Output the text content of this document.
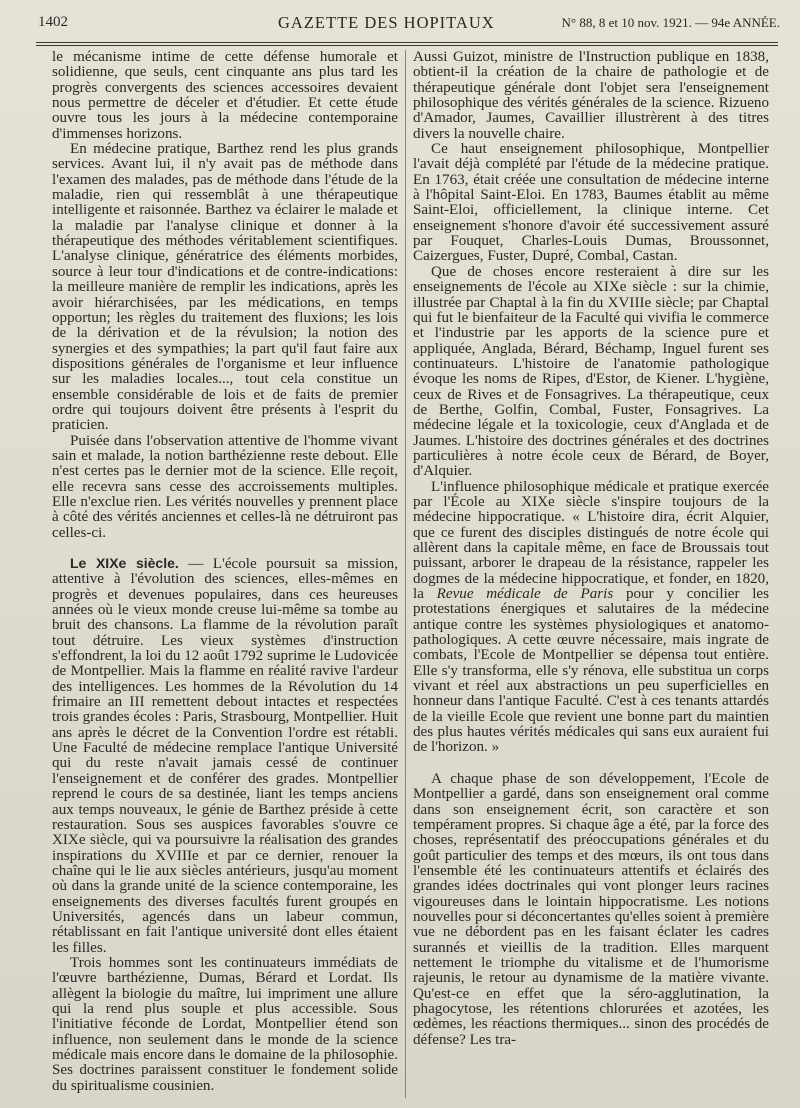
1402	GAZETTE DES HOPITAUX	N° 88, 8 et 10 nov. 1921. — 94e ANNÉE.

le mécanisme intime de cette défense humorale et solidienne, que seuls, cent cinquante ans plus tard les progrès convergents des sciences accessoires devaient nous permettre de déceler et d'étudier. Et cette étude ouvre tous les jours à la médecine contemporaine d'immenses horizons.

En médecine pratique, Barthez rend les plus grands services. Avant lui, il n'y avait pas de méthode dans l'examen des malades, pas de méthode dans l'étude de la maladie, rien qui ressemblât à une thérapeutique intelligente et raisonnée. Barthez va éclairer le malade et la maladie par l'analyse clinique et donner à la thérapeutique des méthodes véritablement scientifiques. L'analyse clinique, génératrice des éléments morbides, source à leur tour d'indications et de contre-indications: la meilleure manière de remplir les indications, après les avoir hiérarchisées, par les médications, en temps opportun; les règles du traitement des fluxions; les lois de la dérivation et de la révulsion; la notion des synergies et des sympathies; la part qu'il faut faire aux dispositions générales de l'organisme et leur influence sur les maladies locales..., tout cela constitue un ensemble considérable de lois et de faits de premier ordre qui toujours doivent être présents à l'esprit du praticien.

Puisée dans l'observation attentive de l'homme vivant sain et malade, la notion barthézienne reste debout. Elle n'est certes pas le dernier mot de la science. Elle reçoit, elle recevra sans cesse des accroissements multiples. Elle n'exclue rien. Les vérités nouvelles y prennent place à côté des vérités anciennes et celles-là ne détruiront pas celles-ci.

Le XIXe siècle. — L'école poursuit sa mission, attentive à l'évolution des sciences, elles-mêmes en progrès et devenues populaires, dans ces heureuses années où le vieux monde creuse lui-même sa tombe au bruit des chansons. La flamme de la révolution paraît tout détruire. Les vieux systèmes d'instruction s'effondrent, la loi du 12 août 1792 suprime le Ludovicée de Montpellier. Mais la flamme en réalité ravive l'ardeur des intelligences. Les hommes de la Révolution du 14 frimaire an III remettent debout intactes et respectées trois grandes écoles : Paris, Strasbourg, Montpellier. Huit ans après le décret de la Convention l'ordre est rétabli. Une Faculté de médecine remplace l'antique Université qui du reste n'avait jamais cessé de continuer l'enseignement et de conférer des grades. Montpellier reprend le cours de sa destinée, liant les temps anciens aux temps nouveaux, le génie de Barthez préside à cette restauration. Sous ses auspices favorables s'ouvre ce XIXe siècle, qui va poursuivre la réalisation des grandes inspirations du XVIIIe et par ce dernier, renouer la chaîne qui le lie aux siècles antérieurs, jusqu'au moment où dans la grande unité de la science contemporaine, les enseignements des diverses facultés furent groupés en Universités, agencés dans un labeur commun, rétablissant en fait l'antique université dont elles étaient les filles.

Trois hommes sont les continuateurs immédiats de l'œuvre barthézienne, Dumas, Bérard et Lordat. Ils allègent la biologie du maître, lui impriment une allure qui la rend plus souple et plus accessible. Sous l'initiative féconde de Lordat, Montpellier étend son influence, non seulement dans le monde de la science médicale mais encore dans le domaine de la philosophie. Ses doctrines paraissent constituer le fondement solide du spiritualisme cousinien.

Aussi Guizot, ministre de l'Instruction publique en 1838, obtient-il la création de la chaire de pathologie et de thérapeutique générale dont l'objet sera l'enseignement philosophique des vérités générales de la science. Rizueno d'Amador, Jaumes, Cavaillier illustrèrent à des titres divers la nouvelle chaire.

Ce haut enseignement philosophique, Montpellier l'avait déjà complété par l'étude de la médecine pratique. En 1763, était créée une consultation de médecine interne à l'hôpital Saint-Eloi. En 1783, Baumes établit au même Saint-Eloi, officiellement, la clinique interne. Cet enseignement s'honore d'avoir été successivement assuré par Fouquet, Charles-Louis Dumas, Broussonnet, Caizergues, Fuster, Dupré, Combal, Castan.

Que de choses encore resteraient à dire sur les enseignements de l'école au XIXe siècle : sur la chimie, illustrée par Chaptal à la fin du XVIIIe siècle; par Chaptal qui fut le bienfaiteur de la Faculté qui vivifia le commerce et l'industrie par les apports de la science pure et appliquée, Anglada, Bérard, Béchamp, Inguel furent ses continuateurs. L'histoire de l'anatomie pathologique évoque les noms de Ripes, d'Estor, de Kiener. L'hygiène, ceux de Rives et de Fonsagrives. La thérapeutique, ceux de Berthe, Golfin, Combal, Fuster, Fonsagrives. La médecine légale et la toxicologie, ceux d'Anglada et de Jaumes. L'histoire des doctrines générales et des doctrines particulières à notre école ceux de Bérard, de Boyer, d'Alquier.

L'influence philosophique médicale et pratique exercée par l'École au XIXe siècle s'inspire toujours de la médecine hippocratique. « L'histoire dira, écrit Alquier, que ce furent des disciples distingués de notre école qui allèrent dans la capitale même, en face de Broussais tout puissant, arborer le drapeau de la résistance, rappeler les dogmes de la médecine hippocratique, et fonder, en 1820, la Revue médicale de Paris pour y concilier les protestations énergiques et salutaires de la médecine antique contre les systèmes physiologiques et anatomo-pathologiques. A cette œuvre nécessaire, mais ingrate de combats, l'Ecole de Montpellier se dépensa tout entière. Elle s'y transforma, elle s'y rénova, elle substitua un corps vivant et réel aux abstractions un peu superficielles en honneur dans l'antique Faculté. C'est à ces tenants attardés de la vieille Ecole que revient une bonne part du maintien des plus hautes vérités médicales qui sans eux auraient fui de l'horizon. »

A chaque phase de son développement, l'Ecole de Montpellier a gardé, dans son enseignement oral comme dans son enseignement écrit, son caractère et son tempérament propres. Si chaque âge a été, par la force des choses, représentatif des préoccupations générales et du goût particulier des temps et des mœurs, ils ont tous dans l'ensemble été les continuateurs attentifs et éclairés des grandes idées doctrinales qui vont plonger leurs racines vigoureuses dans le lointain hippocratisme. Les notions nouvelles pour si déconcertantes qu'elles soient à première vue ne débordent pas en les faisant éclater les cadres surannés et vieillis de la tradition. Elles marquent nettement le triomphe du vitalisme et de l'humorisme rajeunis, le retour au dynamisme de la matière vivante. Qu'est-ce en effet que la séro-agglutination, la phagocytose, les rétentions chlorurées et azotées, les œdèmes, les réactions thermiques... sinon des procédés de défense? Les tra-
